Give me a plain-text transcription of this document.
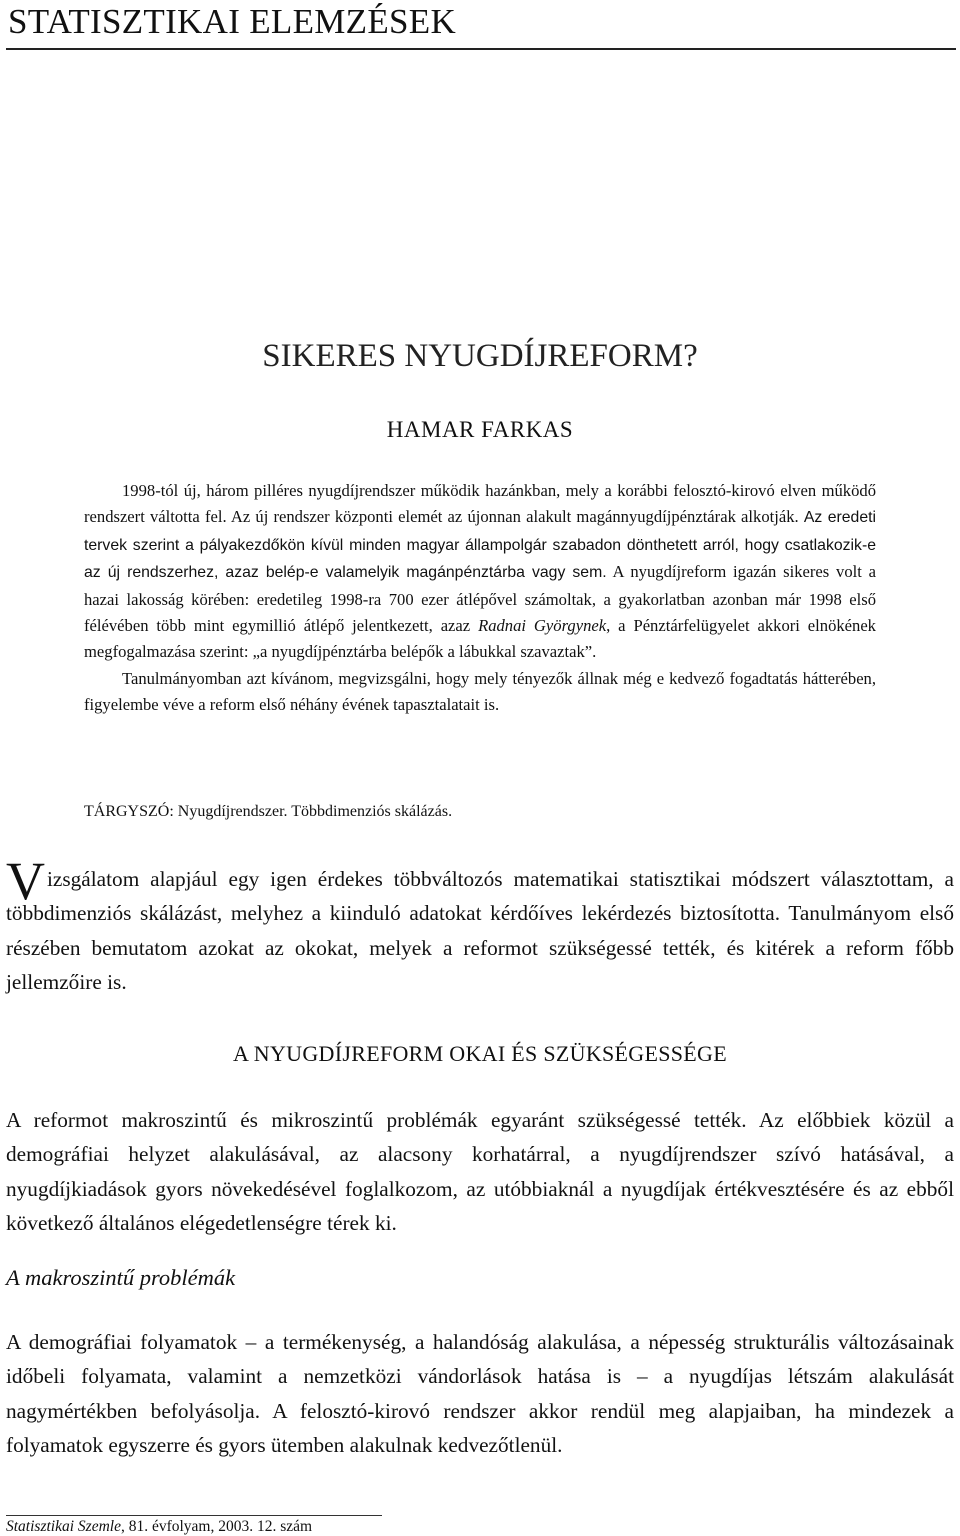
STATISZTIKAI ELEMZÉSEK
SIKERES NYUGDÍJREFORM?
HAMAR FARKAS

1998-tól új, három pilléres nyugdíjrendszer működik hazánkban, mely a korábbi felosztó-kirovó elven működő rendszert váltotta fel. Az új rendszer központi elemét az újonnan alakult magánnyugdíjpénztárak alkotják. Az eredeti tervek szerint a pályakezdőkön kívül minden magyar állampolgár szabadon dönthetett arról, hogy csatlakozik-e az új rendszerhez, azaz belép-e valamelyik magánpénztárba vagy sem. A nyugdíjreform igazán sikeres volt a hazai lakosság körében: eredetileg 1998-ra 700 ezer átlépővel számoltak, a gyakorlatban azonban már 1998 első félévében több mint egymillió átlépő jelentkezett, azaz Radnai Györgynek, a Pénztárfelügyelet akkori elnökének megfogalmazása szerint: „a nyugdíjpénztárba belépők a lábukkal szavaztak”.

Tanulmányomban azt kívánom, megvizsgálni, hogy mely tényezők állnak még e kedvező fogadtatás hátterében, figyelembe véve a reform első néhány évének tapasztalatait is.

TÁRGYSZÓ: Nyugdíjrendszer. Többdimenziós skálázás.

Vizsgálatom alapjául egy igen érdekes többváltozós matematikai statisztikai módszert választottam, a többdimenziós skálázást, melyhez a kiinduló adatokat kérdőíves lekérdezés biztosította. Tanulmányom első részében bemutatom azokat az okokat, melyek a reformot szükségessé tették, és kitérek a reform főbb jellemzőire is.

A NYUGDÍJREFORM OKAI ÉS SZÜKSÉGESSÉGE

A reformot makroszintű és mikroszintű problémák egyaránt szükségessé tették. Az előbbiek közül a demográfiai helyzet alakulásával, az alacsony korhatárral, a nyugdíjrendszer szívó hatásával, a nyugdíjkiadások gyors növekedésével foglalkozom, az utóbbiaknál a nyugdíjak értékvesztésére és az ebből következő általános elégedetlenségre térek ki.

A makroszintű problémák

A demográfiai folyamatok – a termékenység, a halandóság alakulása, a népesség strukturális változásainak időbeli folyamata, valamint a nemzetközi vándorlások hatása is – a nyugdíjas létszám alakulását nagymértékben befolyásolja. A felosztó-kirovó rendszer akkor rendül meg alapjaiban, ha mindezek a folyamatok egyszerre és gyors ütemben alakulnak kedvezőtlenül.

Statisztikai Szemle, 81. évfolyam, 2003. 12. szám
